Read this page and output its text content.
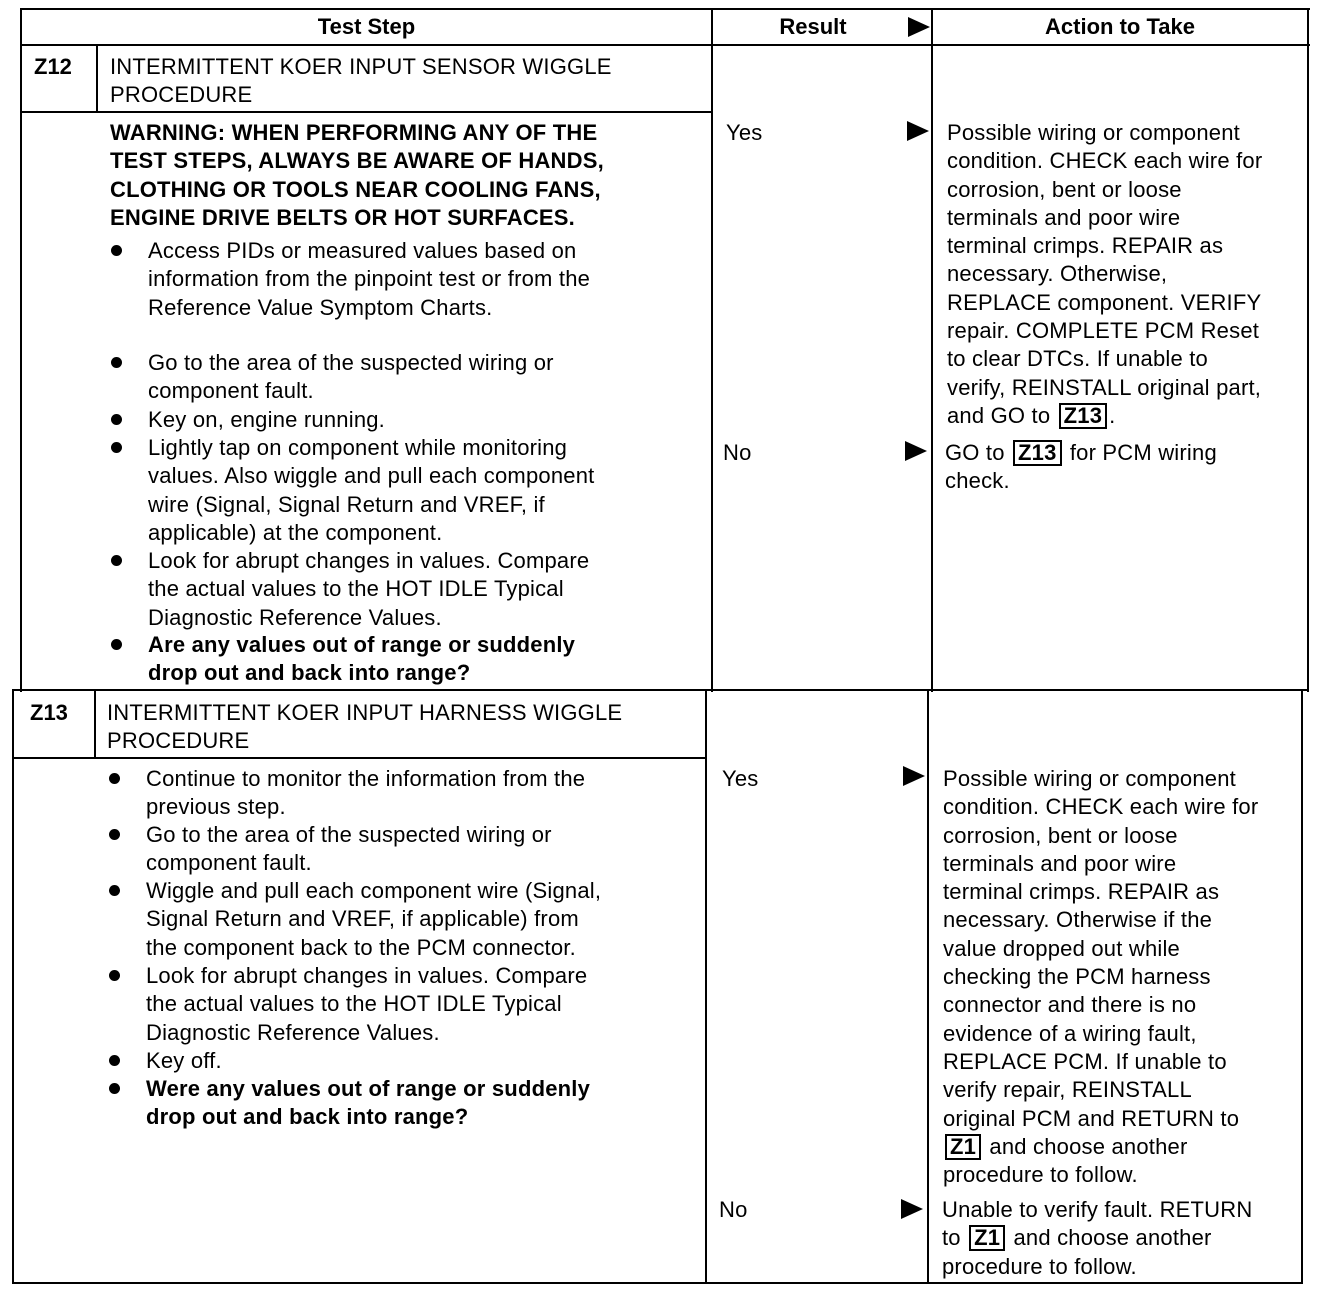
Test Step	Result	Action to Take
Z12 INTERMITTENT KOER INPUT SENSOR WIGGLE
PROCEDURE
WARNING: WHEN PERFORMING ANY OF THE
TEST STEPS, ALWAYS BE AWARE OF HANDS,
CLOTHING OR TOOLS NEAR COOLING FANS,
ENGINE DRIVE BELTS OR HOT SURFACES.
Access PIDs or measured values based on
information from the pinpoint test or from the
Reference Value Symptom Charts.
Go to the area of the suspected wiring or
component fault.
Key on, engine running.
Lightly tap on component while monitoring
values. Also wiggle and pull each component
wire (Signal, Signal Return and VREF, if
applicable) at the component.
Look for abrupt changes in values. Compare
the actual values to the HOT IDLE Typical
Diagnostic Reference Values.
Are any values out of range or suddenly
drop out and back into range?
Yes
No
Possible wiring or component
condition. CHECK each wire for
corrosion, bent or loose
terminals and poor wire
terminal crimps. REPAIR as
necessary. Otherwise,
REPLACE component. VERIFY
repair. COMPLETE PCM Reset
to clear DTCs. If unable to
verify, REINSTALL original part,
and GO to Z13 .
GO to Z13 for PCM wiring
check.
Z13 INTERMITTENT KOER INPUT HARNESS WIGGLE
PROCEDURE
Continue to monitor the information from the
previous step.
Go to the area of the suspected wiring or
component fault.
Wiggle and pull each component wire (Signal,
Signal Return and VREF, if applicable) from
the component back to the PCM connector.
Look for abrupt changes in values. Compare
the actual values to the HOT IDLE Typical
Diagnostic Reference Values.
Key off.
Were any values out of range or suddenly
drop out and back into range?
Yes
No
Possible wiring or component
condition. CHECK each wire for
corrosion, bent or loose
terminals and poor wire
terminal crimps. REPAIR as
necessary. Otherwise if the
value dropped out while
checking the PCM harness
connector and there is no
evidence of a wiring fault,
REPLACE PCM. If unable to
verify repair, REINSTALL
original PCM and RETURN to
Z1 and choose another
procedure to follow.
Unable to verify fault. RETURN
to Z1 and choose another
procedure to follow.
